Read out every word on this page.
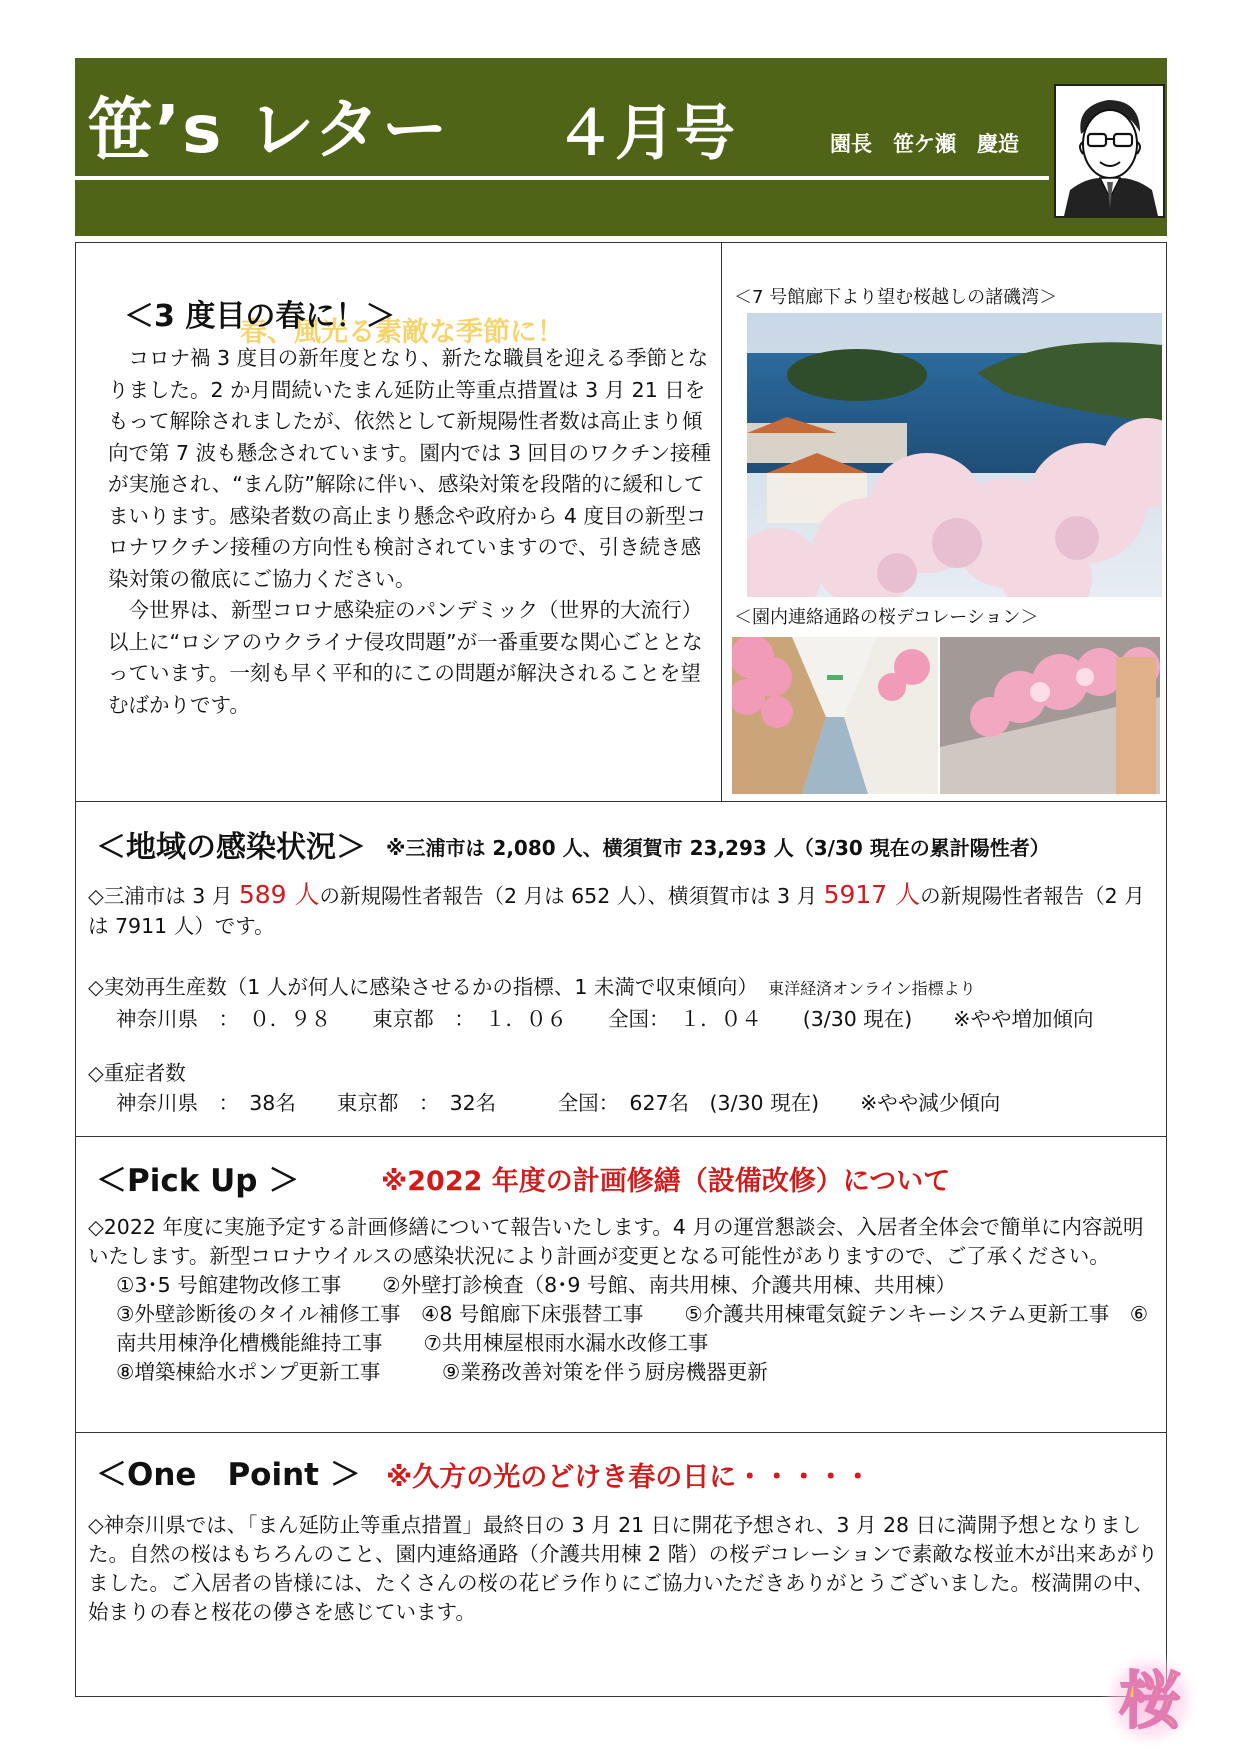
笹’s レター ４月号	園長　笹ケ瀬　慶造
春、風光る素敵な季節に！
＜3 度目の春に！＞

コロナ禍 3 度目の新年度となり、新たな職員を迎える季節となりました。2 か月間続いたまん延防止等重点措置は 3 月 21 日をもって解除されましたが、依然として新規陽性者数は高止まり傾向で第 7 波も懸念されています。園内では 3 回目のワクチン接種が実施され、“まん防”解除に伴い、感染対策を段階的に緩和してまいります。感染者数の高止まり懸念や政府から 4 度目の新型コロナワクチン接種の方向性も検討されていますので、引き続き感染対策の徹底にご協力ください。

今世界は、新型コロナ感染症のパンデミック（世界的大流行）以上に“ロシアのウクライナ侵攻問題”が一番重要な関心ごととなっています。一刻も早く平和的にこの問題が解決されることを望むばかりです。

＜7 号館廊下より望む桜越しの諸磯湾＞
＜園内連絡通路の桜デコレーション＞
＜地域の感染状況＞ ※三浦市は 2,080 人、横須賀市 23,293 人（3/30 現在の累計陽性者）
◇三浦市は 3 月 589 人の新規陽性者報告（2 月は 652 人）、横須賀市は 3 月 5917 人の新規陽性者報告（2 月は 7911 人）です。
◇実効再生産数（1 人が何人に感染させるかの指標、1 未満で収束傾向）　 東洋経済オンライン指標より
神奈川県　：　０．９８　　東京都　：　１．０６　　全国：　１．０４　　(3/30 現在)　　※やや増加傾向
◇重症者数
神奈川県　：　38名　　東京都　：　32名　　　全国：　627名　(3/30 現在)　　※やや減少傾向
＜Pick Up ＞	※2022 年度の計画修繕（設備改修）について
◇2022 年度に実施予定する計画修繕について報告いたします。4 月の運営懇談会、入居者全体会で簡単に内容説明いたします。新型コロナウイルスの感染状況により計画が変更となる可能性がありますので、ご了承ください。
①3･5 号館建物改修工事　　②外壁打診検査（8･9 号館、南共用棟、介護共用棟、共用棟）
③外壁診断後のタイル補修工事　④8 号館廊下床張替工事　　⑤介護共用棟電気錠テンキーシステム更新工事　⑥南共用棟浄化槽機能維持工事　　⑦共用棟屋根雨水漏水改修工事
⑧増築棟給水ポンプ更新工事　　　⑨業務改善対策を伴う厨房機器更新
＜One　Point ＞ ※久方の光のどけき春の日に・・・・・
◇神奈川県では、「まん延防止等重点措置」最終日の 3 月 21 日に開花予想され、3 月 28 日に満開予想となりました。自然の桜はもちろんのこと、園内連絡通路（介護共用棟 2 階）の桜デコレーションで素敵な桜並木が出来あがりました。ご入居者の皆様には、たくさんの桜の花ビラ作りにご協力いただきありがとうございました。桜満開の中、始まりの春と桜花の儚さを感じています。
桜
